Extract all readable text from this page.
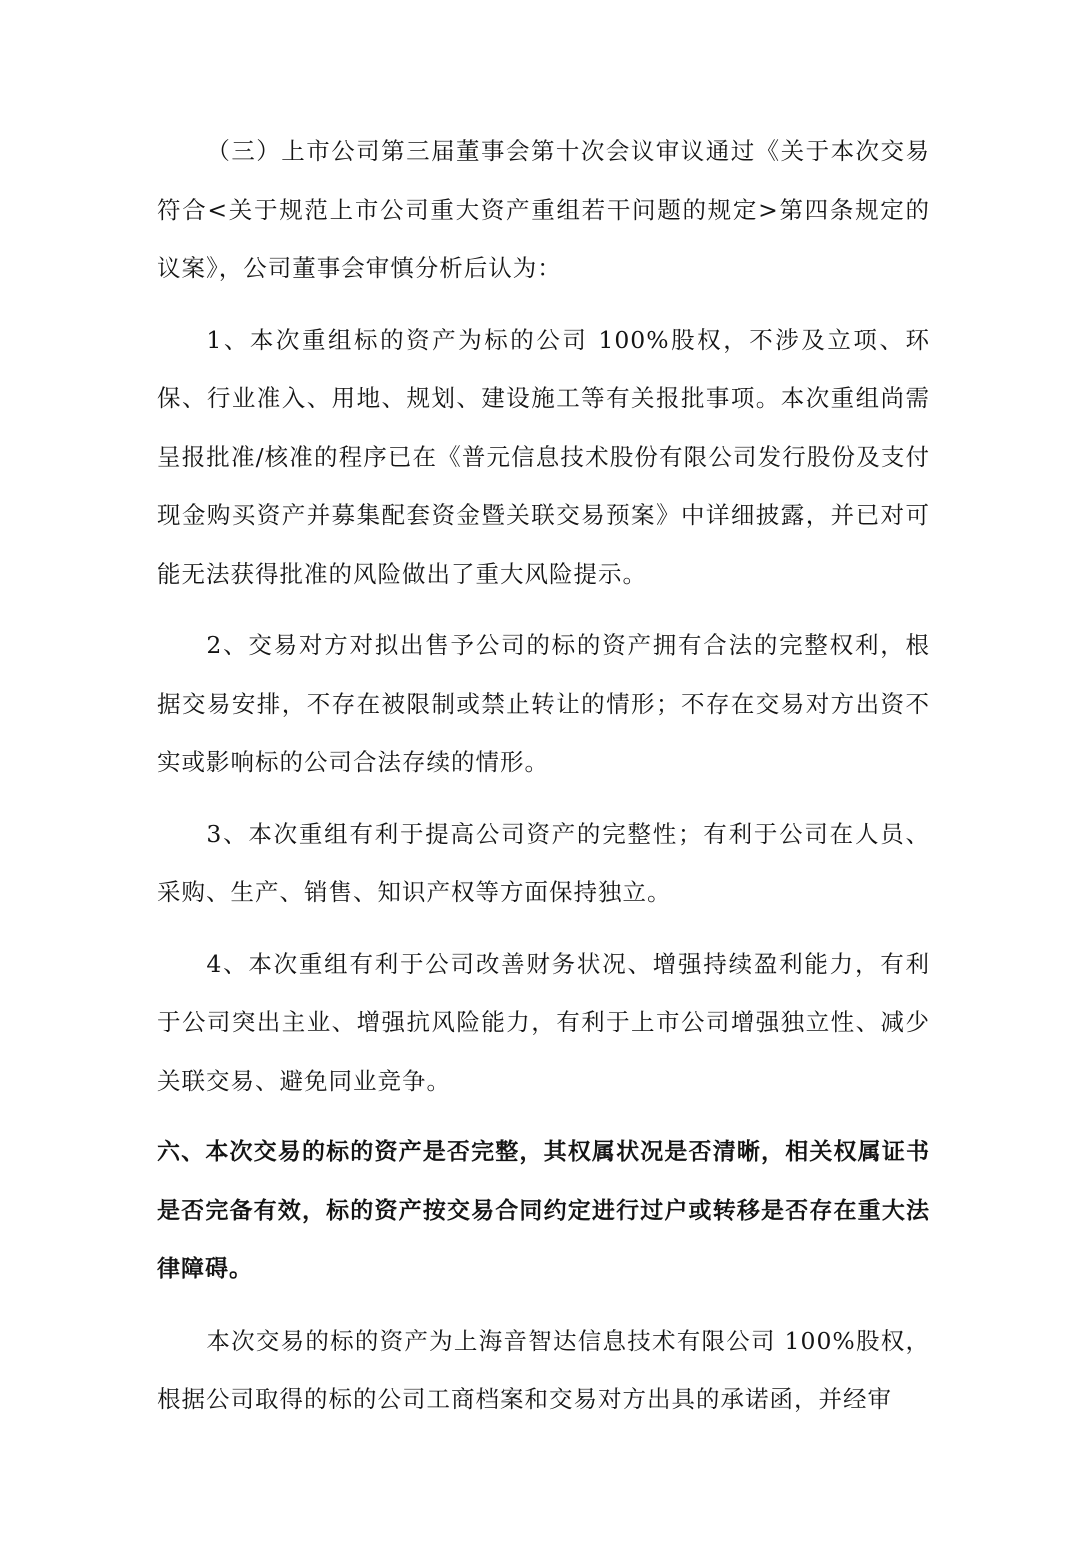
（三）上市公司第三届董事会第十次会议审议通过《关于本次交易符合<关于规范上市公司重大资产重组若干问题的规定>第四条规定的议案》，公司董事会审慎分析后认为：

1、本次重组标的资产为标的公司 100%股权，不涉及立项、环保、行业准入、用地、规划、建设施工等有关报批事项。本次重组尚需呈报批准/核准的程序已在《普元信息技术股份有限公司发行股份及支付现金购买资产并募集配套资金暨关联交易预案》中详细披露，并已对可能无法获得批准的风险做出了重大风险提示。

2、交易对方对拟出售予公司的标的资产拥有合法的完整权利，根据交易安排，不存在被限制或禁止转让的情形；不存在交易对方出资不实或影响标的公司合法存续的情形。

3、本次重组有利于提高公司资产的完整性；有利于公司在人员、采购、生产、销售、知识产权等方面保持独立。

4、本次重组有利于公司改善财务状况、增强持续盈利能力，有利于公司突出主业、增强抗风险能力，有利于上市公司增强独立性、减少关联交易、避免同业竞争。

六、本次交易的标的资产是否完整，其权属状况是否清晰，相关权属证书是否完备有效，标的资产按交易合同约定进行过户或转移是否存在重大法律障碍。

本次交易的标的资产为上海音智达信息技术有限公司 100%股权，根据公司取得的标的公司工商档案和交易对方出具的承诺函，并经审
